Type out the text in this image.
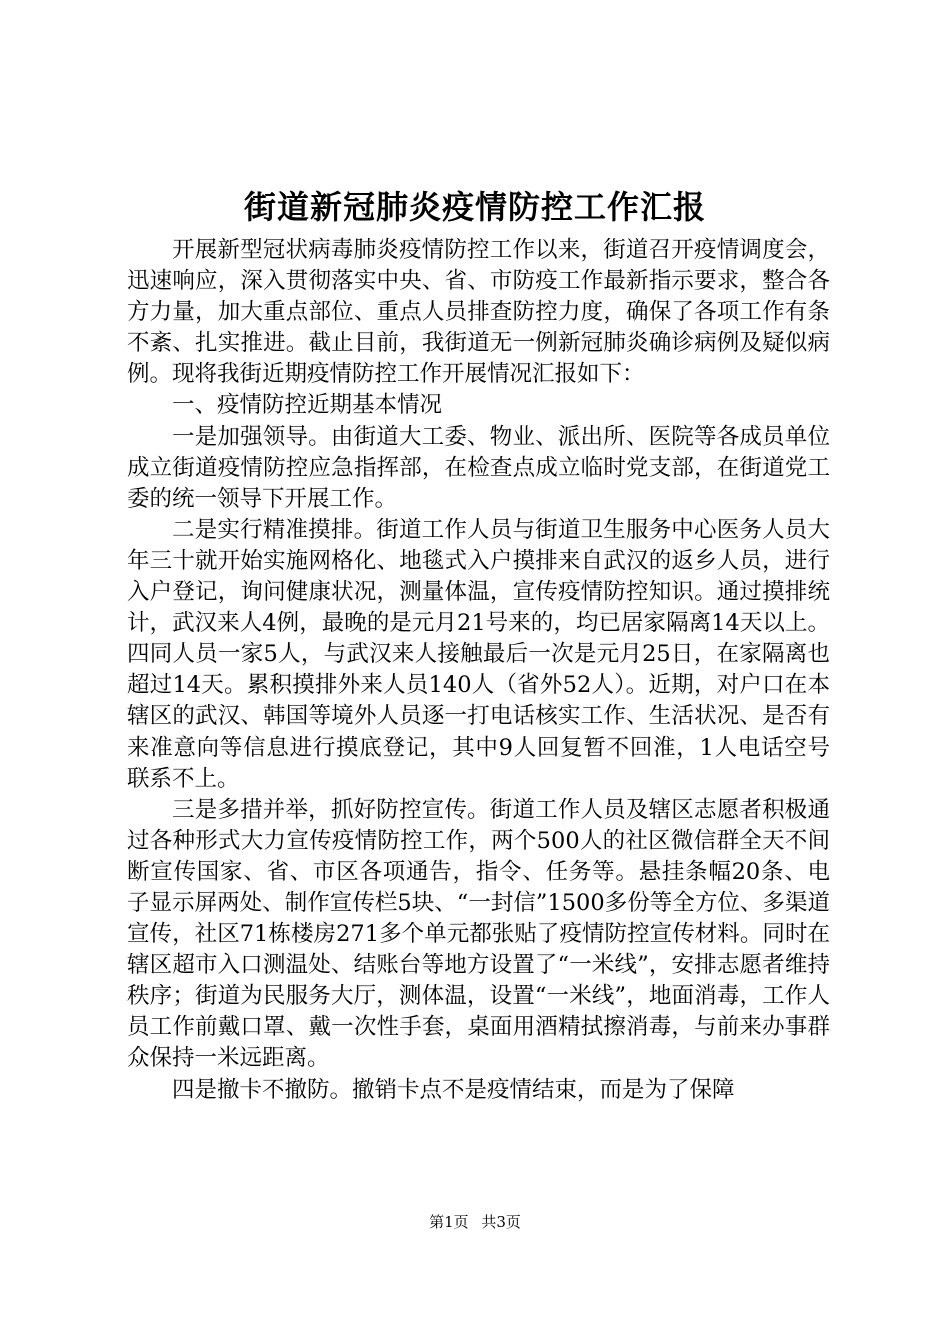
街道新冠肺炎疫情防控工作汇报

开展新型冠状病毒肺炎疫情防控工作以来，街道召开疫情调度会，迅速响应，深入贯彻落实中央、省、市防疫工作最新指示要求，整合各方力量，加大重点部位、重点人员排查防控力度，确保了各项工作有条不紊、扎实推进。截止目前，我街道无一例新冠肺炎确诊病例及疑似病例。现将我街近期疫情防控工作开展情况汇报如下：

一、疫情防控近期基本情况

一是加强领导。由街道大工委、物业、派出所、医院等各成员单位成立街道疫情防控应急指挥部，在检查点成立临时党支部，在街道党工委的统一领导下开展工作。

二是实行精准摸排。街道工作人员与街道卫生服务中心医务人员大年三十就开始实施网格化、地毯式入户摸排来自武汉的返乡人员，进行入户登记，询问健康状况，测量体温，宣传疫情防控知识。通过摸排统计，武汉来人4例，最晚的是元月21号来的，均已居家隔离14天以上。四同人员一家5人，与武汉来人接触最后一次是元月25日，在家隔离也超过14天。累积摸排外来人员140人（省外52人）。近期，对户口在本辖区的武汉、韩国等境外人员逐一打电话核实工作、生活状况、是否有来准意向等信息进行摸底登记，其中9人回复暂不回淮，1人电话空号联系不上。

三是多措并举，抓好防控宣传。街道工作人员及辖区志愿者积极通过各种形式大力宣传疫情防控工作，两个500人的社区微信群全天不间断宣传国家、省、市区各项通告，指令、任务等。悬挂条幅20条、电子显示屏两处、制作宣传栏5块、“一封信”1500多份等全方位、多渠道宣传，社区71栋楼房271多个单元都张贴了疫情防控宣传材料。同时在辖区超市入口测温处、结账台等地方设置了“一米线”，安排志愿者维持秩序；街道为民服务大厅，测体温，设置“一米线”，地面消毒，工作人员工作前戴口罩、戴一次性手套，桌面用酒精拭擦消毒，与前来办事群众保持一米远距离。

四是撤卡不撤防。撤销卡点不是疫情结束，而是为了保障

第1页 共3页
